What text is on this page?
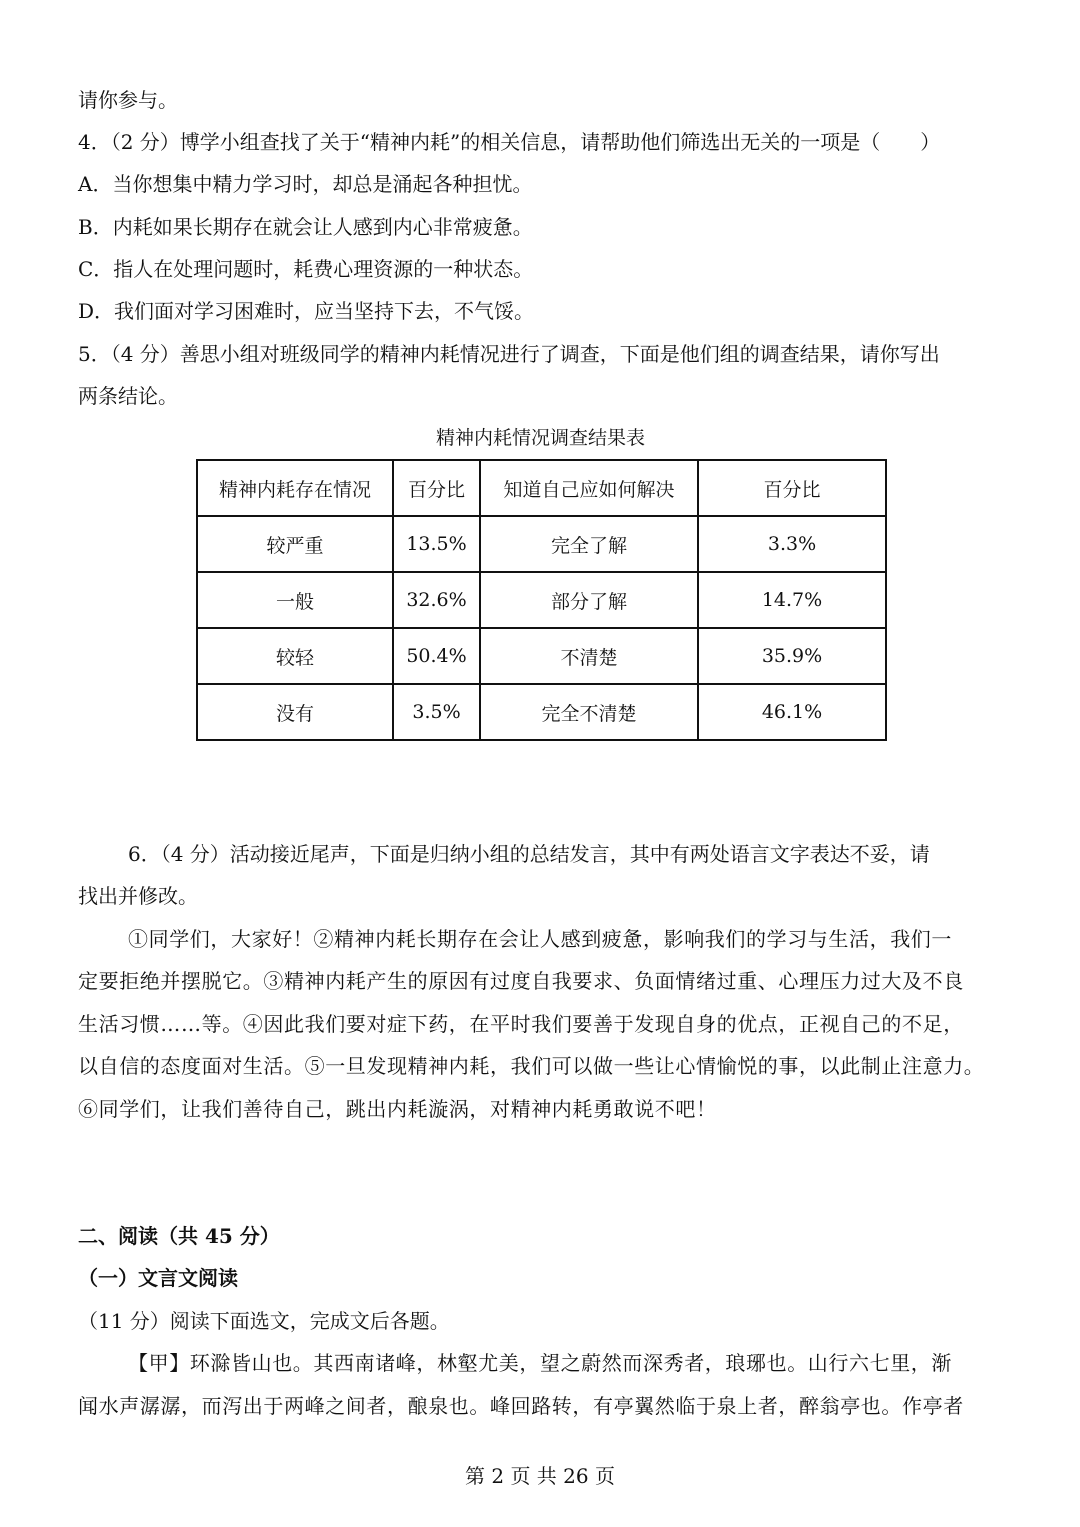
请你参与。
4．（2 分）博学小组查找了关于“精神内耗”的相关信息，请帮助他们筛选出无关的一项是（　　）
A．当你想集中精力学习时，却总是涌起各种担忧。
B．内耗如果长期存在就会让人感到内心非常疲惫。
C．指人在处理问题时，耗费心理资源的一种状态。
D．我们面对学习困难时，应当坚持下去，不气馁。
5．（4 分）善思小组对班级同学的精神内耗情况进行了调查，下面是他们组的调查结果，请你写出
两条结论。
精神内耗情况调查结果表
精神内耗存在情况	百分比	知道自己应如何解决	百分比
较严重	13.5%	完全了解	3.3%
一般	32.6%	部分了解	14.7%
较轻	50.4%	不清楚	35.9%
没有	3.5%	完全不清楚	46.1%
6．（4 分）活动接近尾声，下面是归纳小组的总结发言，其中有两处语言文字表达不妥，请
找出并修改。
①同学们，大家好！②精神内耗长期存在会让人感到疲惫，影响我们的学习与生活，我们一
定要拒绝并摆脱它。③精神内耗产生的原因有过度自我要求、负面情绪过重、心理压力过大及不良
生活习惯……等。④因此我们要对症下药，在平时我们要善于发现自身的优点，正视自己的不足，
以自信的态度面对生活。⑤一旦发现精神内耗，我们可以做一些让心情愉悦的事，以此制止注意力。
⑥同学们，让我们善待自己，跳出内耗漩涡，对精神内耗勇敢说不吧！
二、阅读（共 45 分）
（一）文言文阅读
（11 分）阅读下面选文，完成文后各题。
【甲】环滁皆山也。其西南诸峰，林壑尤美，望之蔚然而深秀者，琅琊也。山行六七里，渐
闻水声潺潺，而泻出于两峰之间者，酿泉也。峰回路转，有亭翼然临于泉上者，醉翁亭也。作亭者
第 2 页 共 26 页
